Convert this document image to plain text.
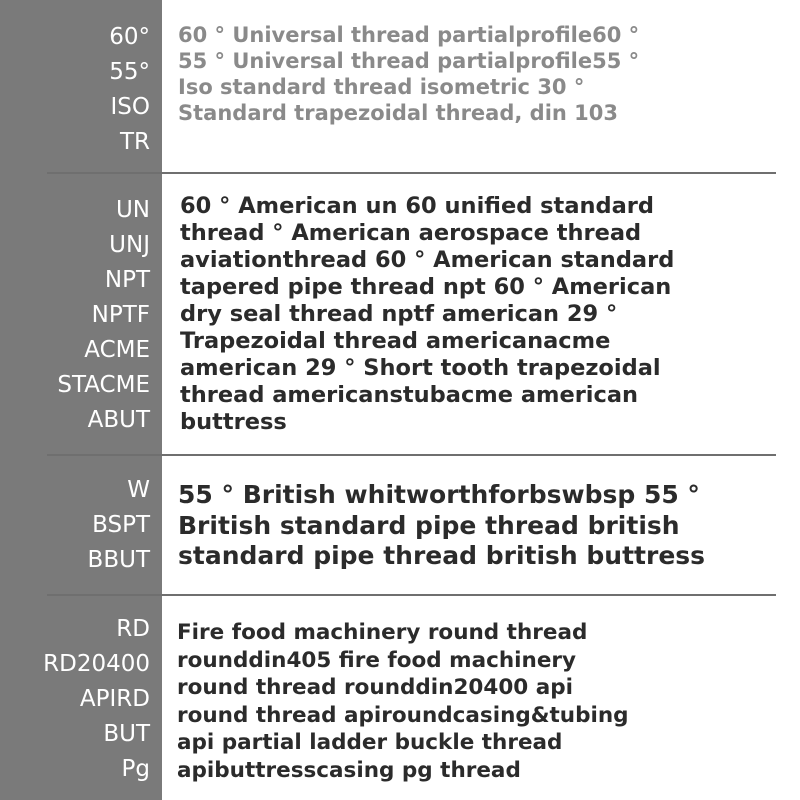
60°
55°
ISO
TR
60 ° Universal thread partialprofile60 ° 55 ° Universal thread partialprofile55 ° Iso standard thread isometric 30 ° Standard trapezoidal thread, din 103
UN
UNJ
NPT
NPTF
ACME
STACME
ABUT
60 ° American un 60 unified standard thread ° American aerospace thread aviationthread 60 ° American standard tapered pipe thread npt 60 ° American dry seal thread nptf american 29 ° Trapezoidal thread americanacme american 29 ° Short tooth trapezoidal thread americanstubacme american buttress
W
BSPT
BBUT
55 ° British whitworthforbswbsp 55 ° British standard pipe thread british standard pipe thread british buttress
RD
RD20400
APIRD
BUT
Pg
Fire food machinery round thread rounddin405 fire food machinery round thread rounddin20400 api round thread apiroundcasing&tubing api partial ladder buckle thread apibuttresscasing pg thread
